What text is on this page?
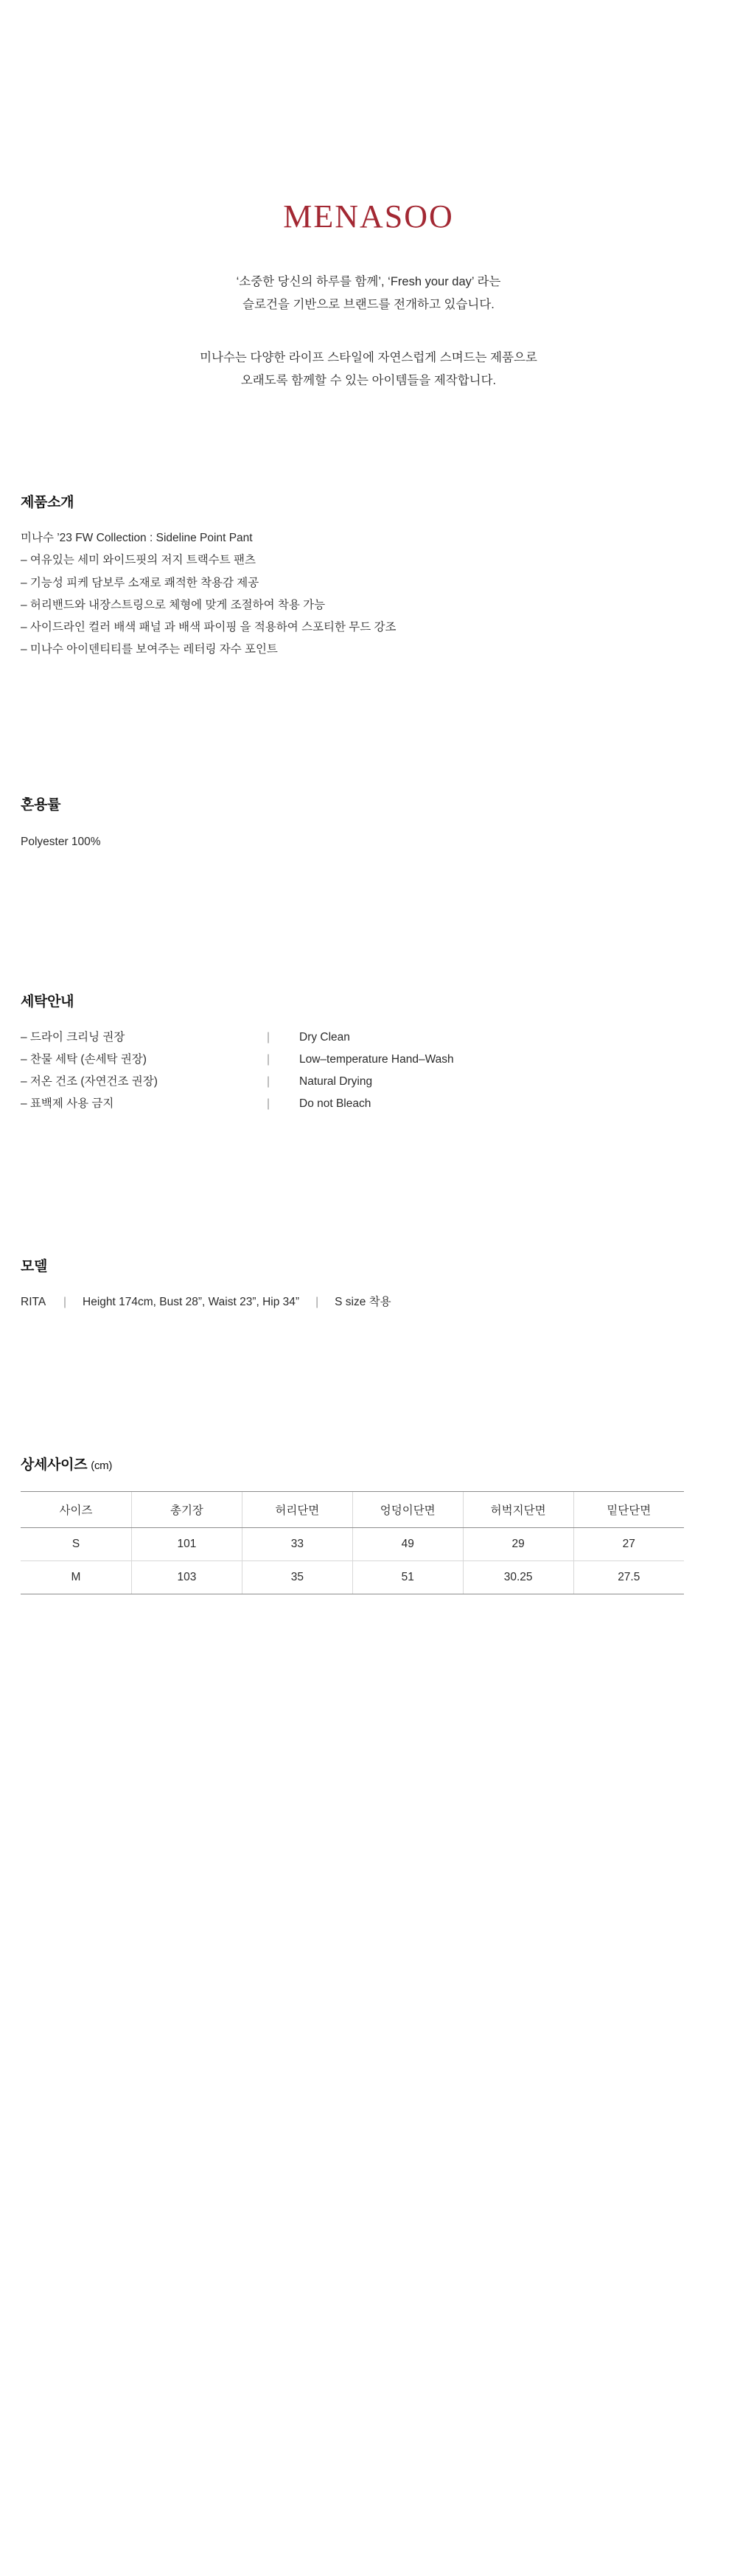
MENASOO
‘소중한 당신의 하루를 함께’, ‘Fresh your day’ 라는
슬로건을 기반으로 브랜드를 전개하고 있습니다.
미나수는 다양한 라이프 스타일에 자연스럽게 스며드는 제품으로
오래도록 함께할 수 있는 아이템들을 제작합니다.
제품소개
미나수 ’23 FW Collection : Sideline Point Pant
– 여유있는 세미 와이드핏의 저지 트랙수트 팬츠
– 기능성 피케 담보루 소재로 쾌적한 착용감 제공
– 허리밴드와 내장스트링으로 체형에 맞게 조절하여 착용 가능
– 사이드라인 컬러 배색 패널 과 배색 파이핑 을 적용하여 스포티한 무드 강조
– 미나수 아이덴티티를 보여주는 레터링 자수 포인트
혼용률
Polyester 100%
세탁안내
– 드라이 크리닝 권장	|	Dry Clean
– 찬물 세탁 (손세탁 권장)	|	Low–temperature Hand–Wash
– 저온 건조 (자연건조 권장)	|	Natural Drying
– 표백제 사용 금지	|	Do not Bleach
모델
RITA	|	Height 174cm, Bust 28”, Waist 23”, Hip 34”	|	S size 착용
상세사이즈 (cm)
사이즈	총기장	허리단면	엉덩이단면	허벅지단면	밑단단면
S	101	33	49	29	27
M	103	35	51	30.25	27.5
